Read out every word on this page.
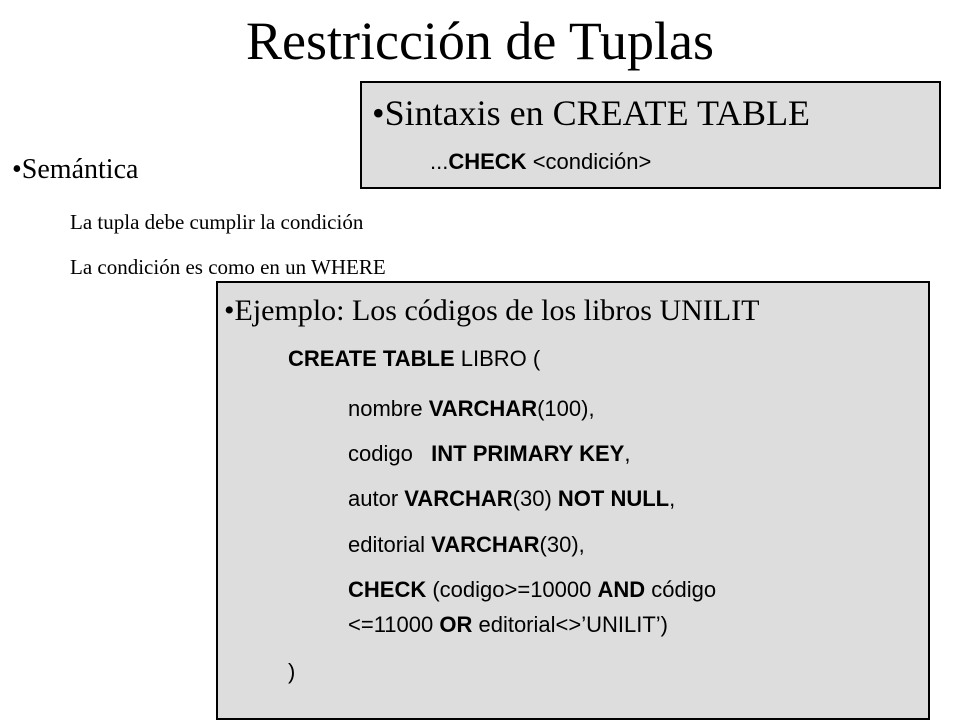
Restricción de Tuplas
•Sintaxis en CREATE TABLE
...CHECK <condición>
•Semántica
La tupla debe cumplir la condición
La condición es como en un WHERE
•Ejemplo: Los códigos de los libros UNILIT
CREATE TABLE LIBRO (
nombre VARCHAR(100),
codigo   INT PRIMARY KEY,
autor VARCHAR(30) NOT NULL,
editorial VARCHAR(30),
CHECK (codigo>=10000 AND código
<=11000 OR editorial<>’UNILIT’)
)
